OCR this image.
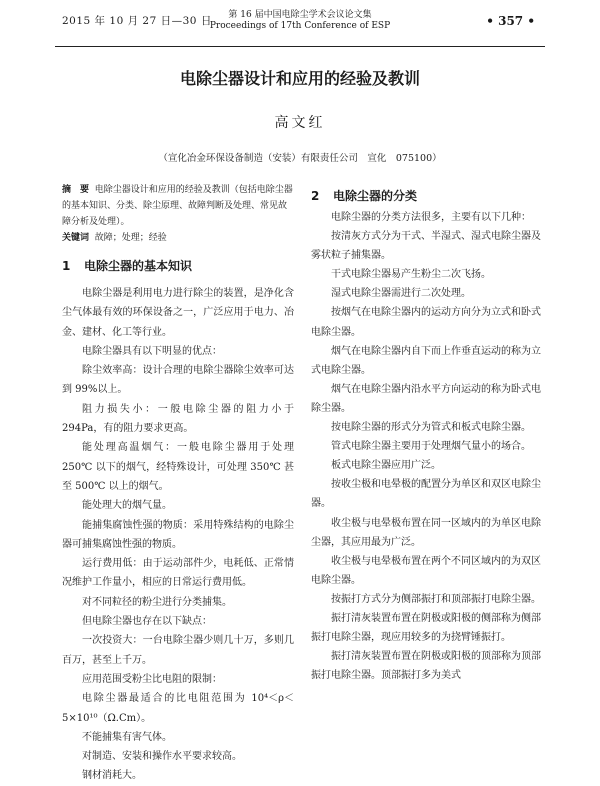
2015 年 10 月 27 日—30 日	第 16 届中国电除尘学术会议论文集
Proceedings of 17th Conference of ESP	• 357 •
电除尘器设计和应用的经验及教训
高文红
（宣化冶金环保设备制造（安装）有限责任公司　宣化　075100）

摘　要 电除尘器设计和应用的经验及教训（包括电除尘器的基本知识、分类、除尘原理、故障判断及处理、常见故障分析及处理）。

关键词 故障；处理；经验

1 电除尘器的基本知识

电除尘器是利用电力进行除尘的装置，是净化含尘气体最有效的环保设备之一，广泛应用于电力、冶金、建材、化工等行业。

电除尘器具有以下明显的优点：

除尘效率高：设计合理的电除尘器除尘效率可达到 99%以上。

阻力损失小：一般电除尘器的阻力小于 294Pa，有的阻力要求更高。

能处理高温烟气：一般电除尘器用于处理 250℃ 以下的烟气，经特殊设计，可处理 350℃ 甚至 500℃ 以上的烟气。

能处理大的烟气量。

能捕集腐蚀性强的物质：采用特殊结构的电除尘器可捕集腐蚀性强的物质。

运行费用低：由于运动部件少，电耗低、正常情况维护工作量小，相应的日常运行费用低。

对不同粒径的粉尘进行分类捕集。

但电除尘器也存在以下缺点：

一次投资大：一台电除尘器少则几十万，多则几百万，甚至上千万。

应用范围受粉尘比电阻的限制：

电除尘器最适合的比电阻范围为 10⁴＜ρ＜5×10¹⁰（Ω.Cm）。

不能捕集有害气体。

对制造、安装和操作水平要求较高。

钢材消耗大。

2 电除尘器的分类

电除尘器的分类方法很多，主要有以下几种：

按清灰方式分为干式、半湿式、湿式电除尘器及雾状粒子捕集器。

干式电除尘器易产生粉尘二次飞扬。

湿式电除尘器需进行二次处理。

按烟气在电除尘器内的运动方向分为立式和卧式电除尘器。

烟气在电除尘器内自下而上作垂直运动的称为立式电除尘器。

烟气在电除尘器内沿水平方向运动的称为卧式电除尘器。

按电除尘器的形式分为管式和板式电除尘器。

管式电除尘器主要用于处理烟气量小的场合。

板式电除尘器应用广泛。

按收尘极和电晕极的配置分为单区和双区电除尘器。

收尘极与电晕极布置在同一区域内的为单区电除尘器，其应用最为广泛。

收尘极与电晕极布置在两个不同区域内的为双区电除尘器。

按振打方式分为侧部振打和顶部振打电除尘器。

振打清灰装置布置在阴极或阳极的侧部称为侧部振打电除尘器，现应用较多的为挠臂锤振打。

振打清灰装置布置在阴极或阳极的顶部称为顶部振打电除尘器。顶部振打多为美式
